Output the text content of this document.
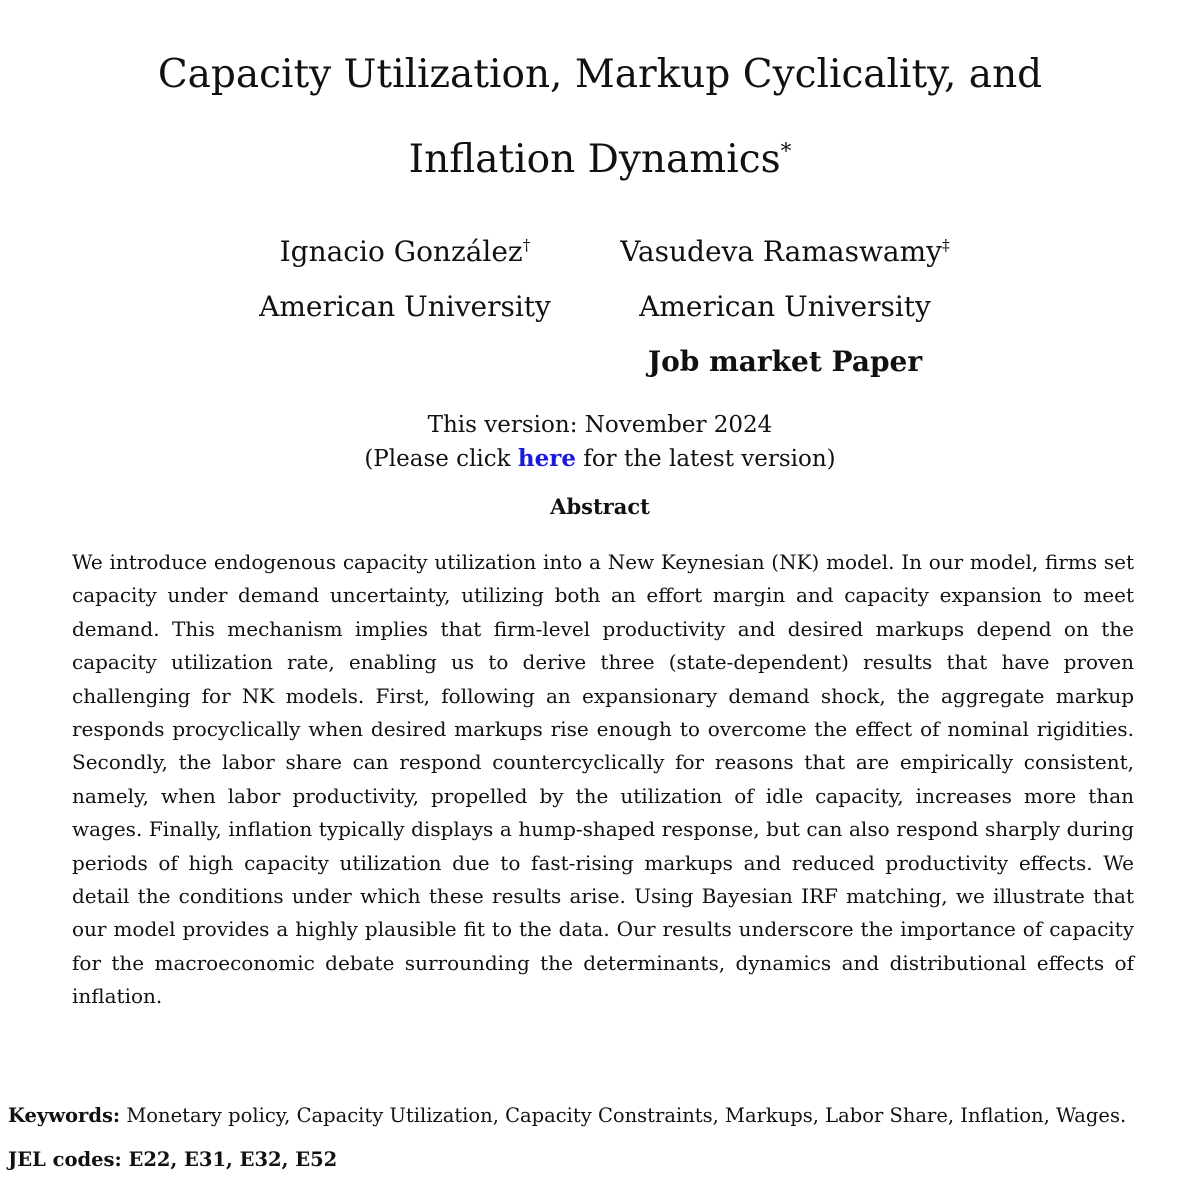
Capacity Utilization, Markup Cyclicality, and
Inflation Dynamics*
Ignacio González†
American University
Vasudeva Ramaswamy‡
American University
Job market Paper
This version: November 2024
(Please click here for the latest version)
Abstract
We introduce endogenous capacity utilization into a New Keynesian (NK) model. In our model, firms set capacity under demand uncertainty, utilizing both an effort margin and capacity expansion to meet demand. This mechanism implies that firm-level productivity and desired markups depend on the capacity utilization rate, enabling us to derive three (state-dependent) results that have proven challenging for NK models. First, following an expansionary demand shock, the aggregate markup responds procyclically when desired markups rise enough to overcome the effect of nominal rigidities. Secondly, the labor share can respond countercyclically for reasons that are empirically consistent, namely, when labor productivity, propelled by the utilization of idle capacity, increases more than wages. Finally, inflation typically displays a hump-shaped response, but can also respond sharply during periods of high capacity utilization due to fast-rising markups and reduced productivity effects. We detail the conditions under which these results arise. Using Bayesian IRF matching, we illustrate that our model provides a highly plausible fit to the data. Our results underscore the importance of capacity for the macroeconomic debate surrounding the determinants, dynamics and distributional effects of inflation.
Keywords: Monetary policy, Capacity Utilization, Capacity Constraints, Markups, Labor Share, Inflation, Wages.
JEL codes: E22, E31, E32, E52
